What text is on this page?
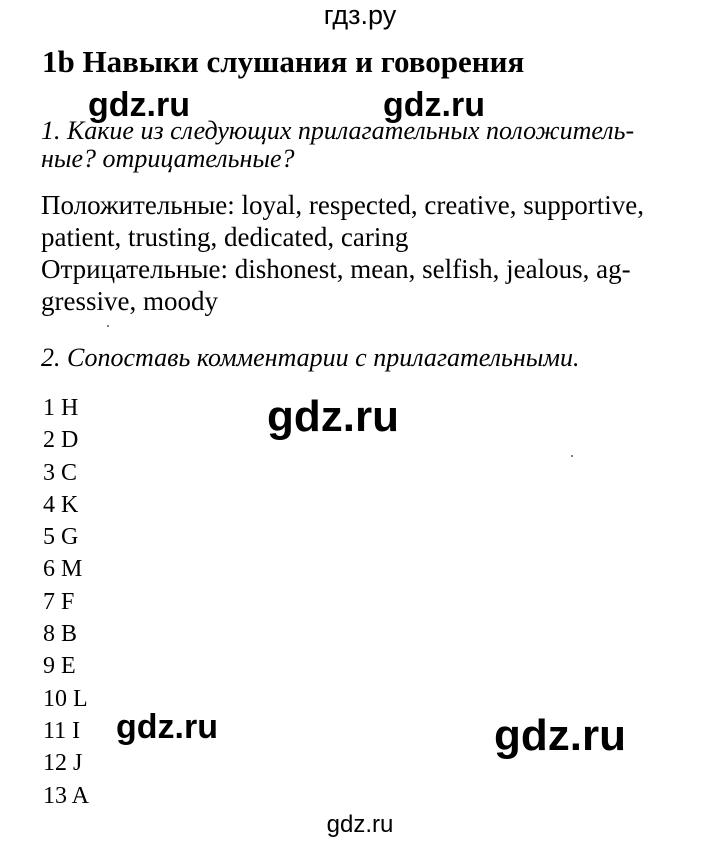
гдз.ру
1b Навыки слушания и говорения
gdz.ru	gdz.ru
1. Какие из следующих прилагательных положитель-
ные? отрицательные?
Положительные: loyal, respected, creative, supportive,
patient, trusting, dedicated, caring
Отрицательные: dishonest, mean, selfish, jealous, ag-
gressive, moody
2. Сопоставь комментарии с прилагательными.
1 H
2 D
3 C
4 K
5 G
6 M
7 F
8 B
9 E
10 L
11 I
12 J
13 A
gdz.ru
gdz.ru	gdz.ru
gdz.ru
